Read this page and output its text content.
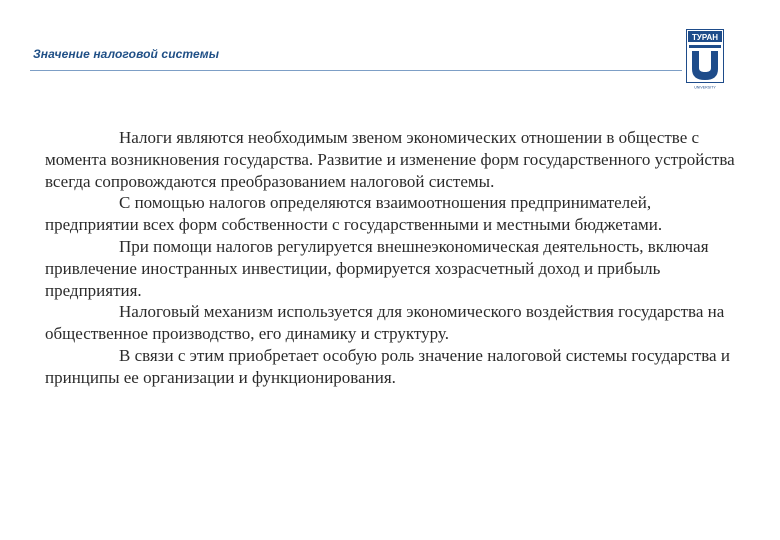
Значение налоговой системы
ТУРАН
UNIVERSITY

Налоги являются необходимым звеном экономических отношении в обществе с момента возникновения государства. Развитие и изменение форм государственного устройства всегда сопровождаются преобразованием налоговой системы.

С помощью налогов определяются взаимоотношения предпринимателей, предприятии всех форм собственности с государственными и местными бюджетами.

При помощи налогов регулируется внешнеэкономическая деятельность, включая привлечение иностранных инвестиции, формируется хозрасчетный доход и прибыль предприятия.

Налоговый механизм используется для экономического воздействия государства на общественное производство, его динамику и структуру.

В связи с этим приобретает особую роль значение налоговой системы государства и принципы ее организации и функционирования.
